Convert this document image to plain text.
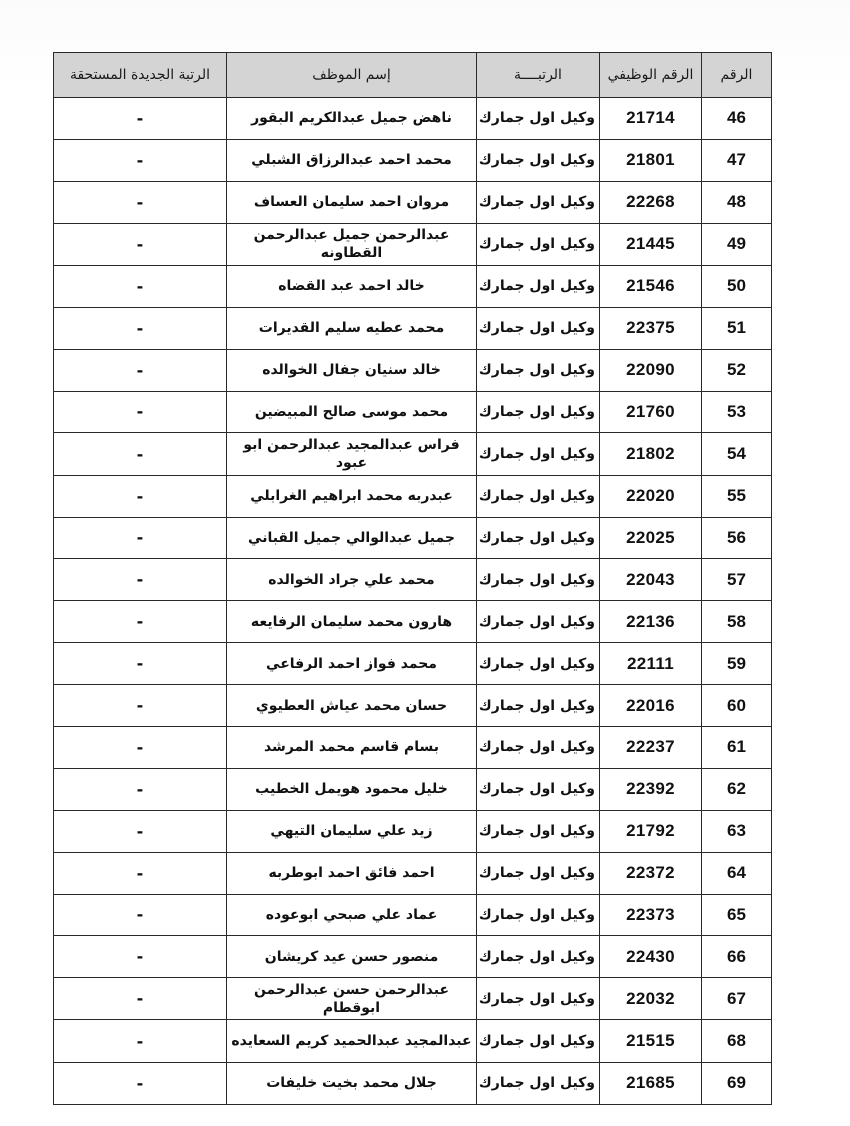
الرقم	الرقم الوظيفي	الرتبــــة	إسم الموظف	الرتبة الجديدة المستحقة
46	21714	وكيل اول جمارك	ناهض جميل عبدالكريم البقور	-
47	21801	وكيل اول جمارك	محمد احمد عبدالرزاق الشبلي	-
48	22268	وكيل اول جمارك	مروان احمد سليمان العساف	-
49	21445	وكيل اول جمارك	عبدالرحمن جميل عبدالرحمن القطاونه	-
50	21546	وكيل اول جمارك	خالد احمد عبد القضاه	-
51	22375	وكيل اول جمارك	محمد عطيه سليم القديرات	-
52	22090	وكيل اول جمارك	خالد سنيان جفال الخوالده	-
53	21760	وكيل اول جمارك	محمد موسى صالح المبيضين	-
54	21802	وكيل اول جمارك	فراس عبدالمجيد عبدالرحمن ابو عبود	-
55	22020	وكيل اول جمارك	عبدربه محمد ابراهيم الغرابلي	-
56	22025	وكيل اول جمارك	جميل عبدالوالي جميل القباني	-
57	22043	وكيل اول جمارك	محمد علي جراد الخوالده	-
58	22136	وكيل اول جمارك	هارون محمد سليمان الرفايعه	-
59	22111	وكيل اول جمارك	محمد فواز احمد الرفاعي	-
60	22016	وكيل اول جمارك	حسان محمد عياش العطيوي	-
61	22237	وكيل اول جمارك	بسام قاسم محمد المرشد	-
62	22392	وكيل اول جمارك	خليل محمود هويمل الخطيب	-
63	21792	وكيل اول جمارك	زيد علي سليمان التيهي	-
64	22372	وكيل اول جمارك	احمد فائق احمد ابوطربه	-
65	22373	وكيل اول جمارك	عماد علي صبحي ابوعوده	-
66	22430	وكيل اول جمارك	منصور حسن عيد كريشان	-
67	22032	وكيل اول جمارك	عبدالرحمن حسن عبدالرحمن ابوقطام	-
68	21515	وكيل اول جمارك	عبدالمجيد عبدالحميد كريم السعايده	-
69	21685	وكيل اول جمارك	جلال محمد بخيت خليفات	-
